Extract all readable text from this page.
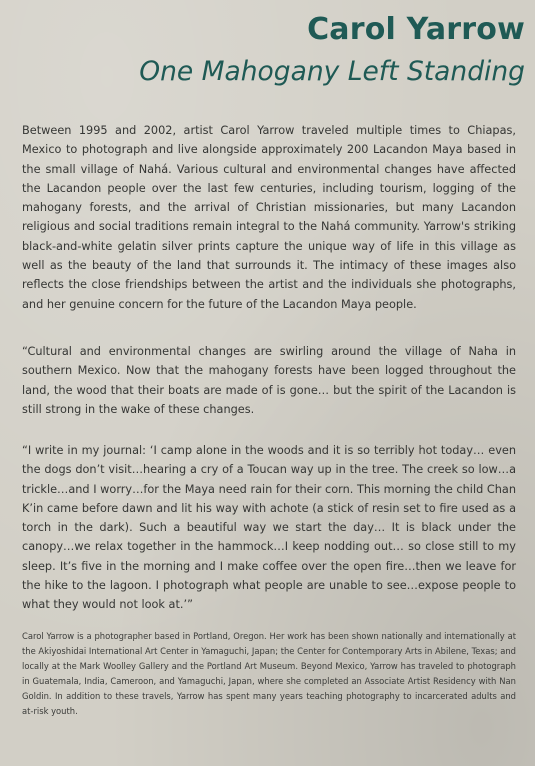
Carol Yarrow
One Mahogany Left Standing

Between 1995 and 2002, artist Carol Yarrow traveled multiple times to Chiapas, Mexico to photograph and live alongside approximately 200 Lacandon Maya based in the small village of Nahá. Various cultural and environmental changes have affected the Lacandon people over the last few centuries, including tourism, logging of the mahogany forests, and the arrival of Christian missionaries, but many Lacandon religious and social traditions remain integral to the Nahá community. Yarrow's striking black-and-white gelatin silver prints capture the unique way of life in this village as well as the beauty of the land that surrounds it. The intimacy of these images also reflects the close friendships between the artist and the individuals she photographs, and her genuine concern for the future of the Lacandon Maya people.

“Cultural and environmental changes are swirling around the village of Naha in southern Mexico. Now that the mahogany forests have been logged throughout the land, the wood that their boats are made of is gone… but the spirit of the Lacandon is still strong in the wake of these changes.

“I write in my journal: ‘I camp alone in the woods and it is so terribly hot today… even the dogs don’t visit…hearing a cry of a Toucan way up in the tree. The creek so low…a trickle…and I worry…for the Maya need rain for their corn. This morning the child Chan K’in came before dawn and lit his way with achote (a stick of resin set to fire used as a torch in the dark). Such a beautiful way we start the day… It is black under the canopy…we relax together in the hammock…I keep nodding out… so close still to my sleep. It’s five in the morning and I make coffee over the open fire…then we leave for the hike to the lagoon. I photograph what people are unable to see…expose people to what they would not look at.’”

Carol Yarrow is a photographer based in Portland, Oregon. Her work has been shown nationally and internationally at the Akiyoshidai International Art Center in Yamaguchi, Japan; the Center for Contemporary Arts in Abilene, Texas; and locally at the Mark Woolley Gallery and the Portland Art Museum. Beyond Mexico, Yarrow has traveled to photograph in Guatemala, India, Cameroon, and Yamaguchi, Japan, where she completed an Associate Artist Residency with Nan Goldin. In addition to these travels, Yarrow has spent many years teaching photography to incarcerated adults and at-risk youth.
